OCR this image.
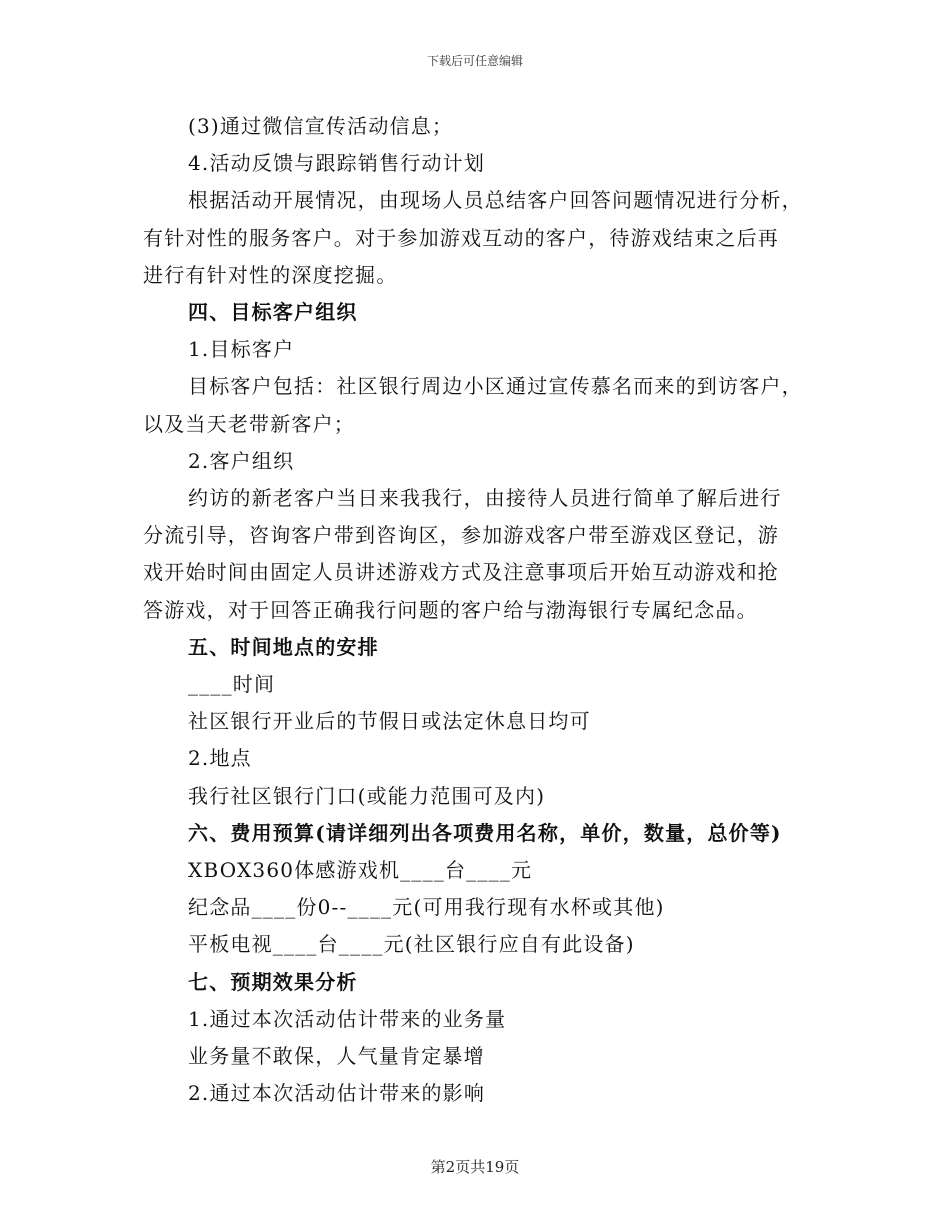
下载后可任意编辑
(3)通过微信宣传活动信息；
4.活动反馈与跟踪销售行动计划
根据活动开展情况，由现场人员总结客户回答问题情况进行分析，
有针对性的服务客户。对于参加游戏互动的客户，待游戏结束之后再
进行有针对性的深度挖掘。
四、目标客户组织
1.目标客户
目标客户包括：社区银行周边小区通过宣传慕名而来的到访客户，
以及当天老带新客户；
2.客户组织
约访的新老客户当日来我我行，由接待人员进行简单了解后进行
分流引导，咨询客户带到咨询区，参加游戏客户带至游戏区登记，游
戏开始时间由固定人员讲述游戏方式及注意事项后开始互动游戏和抢
答游戏，对于回答正确我行问题的客户给与渤海银行专属纪念品。
五、时间地点的安排
____时间
社区银行开业后的节假日或法定休息日均可
2.地点
我行社区银行门口(或能力范围可及内)
六、费用预算(请详细列出各项费用名称，单价，数量，总价等)
XBOX360体感游戏机____台____元
纪念品____份0--____元(可用我行现有水杯或其他)
平板电视____台____元(社区银行应自有此设备)
七、预期效果分析
1.通过本次活动估计带来的业务量
业务量不敢保，人气量肯定暴增
2.通过本次活动估计带来的影响
第2页共19页
